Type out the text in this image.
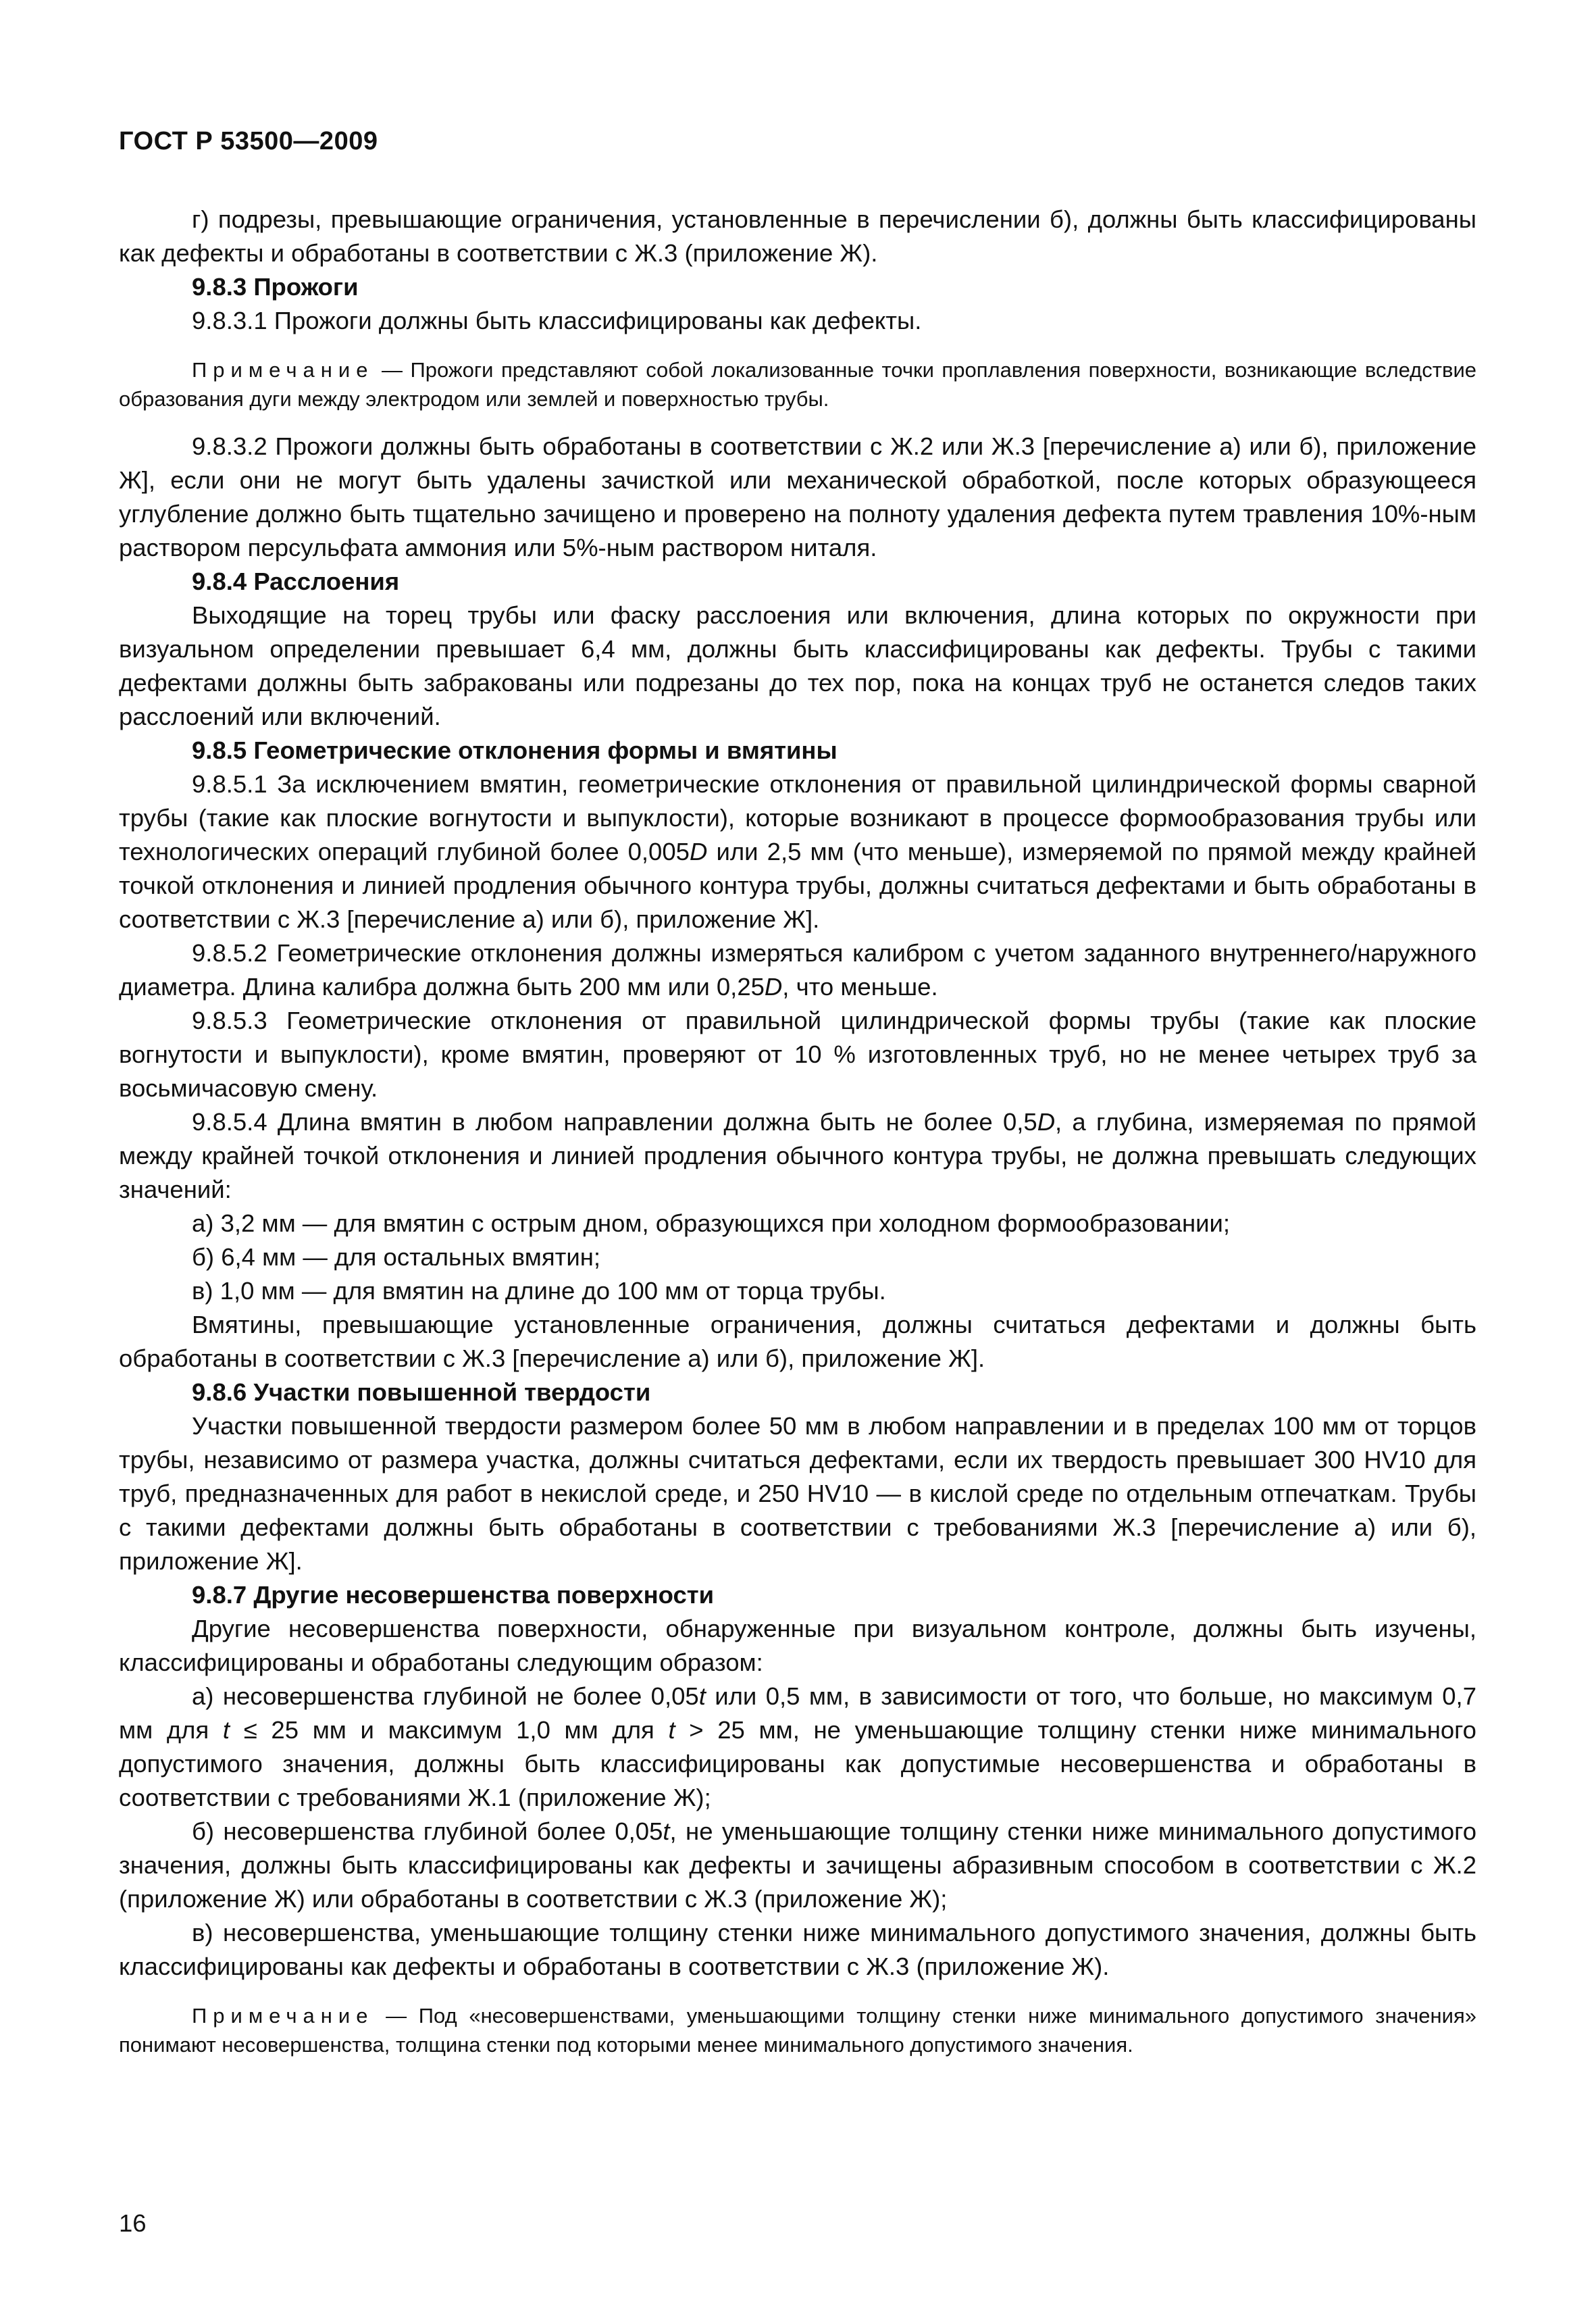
ГОСТ Р 53500—2009

г) подрезы, превышающие ограничения, установленные в перечислении б), должны быть классифицированы как дефекты и обработаны в соответствии с Ж.3 (приложение Ж).

9.8.3 Прожоги

9.8.3.1 Прожоги должны быть классифицированы как дефекты.

Примечание — Прожоги представляют собой локализованные точки проплавления поверхности, возникающие вследствие образования дуги между электродом или землей и поверхностью трубы.

9.8.3.2 Прожоги должны быть обработаны в соответствии с Ж.2 или Ж.3 [перечисление а) или б), приложение Ж], если они не могут быть удалены зачисткой или механической обработкой, после которых образующееся углубление должно быть тщательно зачищено и проверено на полноту удаления дефекта путем травления 10%-ным раствором персульфата аммония или 5%-ным раствором ниталя.

9.8.4 Расслоения

Выходящие на торец трубы или фаску расслоения или включения, длина которых по окружности при визуальном определении превышает 6,4 мм, должны быть классифицированы как дефекты. Трубы с такими дефектами должны быть забракованы или подрезаны до тех пор, пока на концах труб не останется следов таких расслоений или включений.

9.8.5 Геометрические отклонения формы и вмятины

9.8.5.1 За исключением вмятин, геометрические отклонения от правильной цилиндрической формы сварной трубы (такие как плоские вогнутости и выпуклости), которые возникают в процессе формообразования трубы или технологических операций глубиной более 0,005D или 2,5 мм (что меньше), измеряемой по прямой между крайней точкой отклонения и линией продления обычного контура трубы, должны считаться дефектами и быть обработаны в соответствии с Ж.3 [перечисление а) или б), приложение Ж].

9.8.5.2 Геометрические отклонения должны измеряться калибром с учетом заданного внутреннего/наружного диаметра. Длина калибра должна быть 200 мм или 0,25D, что меньше.

9.8.5.3 Геометрические отклонения от правильной цилиндрической формы трубы (такие как плоские вогнутости и выпуклости), кроме вмятин, проверяют от 10 % изготовленных труб, но не менее четырех труб за восьмичасовую смену.

9.8.5.4 Длина вмятин в любом направлении должна быть не более 0,5D, а глубина, измеряемая по прямой между крайней точкой отклонения и линией продления обычного контура трубы, не должна превышать следующих значений:

а) 3,2 мм — для вмятин с острым дном, образующихся при холодном формообразовании;

б) 6,4 мм — для остальных вмятин;

в) 1,0 мм — для вмятин на длине до 100 мм от торца трубы.

Вмятины, превышающие установленные ограничения, должны считаться дефектами и должны быть обработаны в соответствии с Ж.3 [перечисление а) или б), приложение Ж].

9.8.6 Участки повышенной твердости

Участки повышенной твердости размером более 50 мм в любом направлении и в пределах 100 мм от торцов трубы, независимо от размера участка, должны считаться дефектами, если их твердость превышает 300 HV10 для труб, предназначенных для работ в некислой среде, и 250 HV10 — в кислой среде по отдельным отпечаткам. Трубы с такими дефектами должны быть обработаны в соответствии с требованиями Ж.3 [перечисление а) или б), приложение Ж].

9.8.7 Другие несовершенства поверхности

Другие несовершенства поверхности, обнаруженные при визуальном контроле, должны быть изучены, классифицированы и обработаны следующим образом:

а) несовершенства глубиной не более 0,05t или 0,5 мм, в зависимости от того, что больше, но максимум 0,7 мм для t ≤ 25 мм и максимум 1,0 мм для t > 25 мм, не уменьшающие толщину стенки ниже минимального допустимого значения, должны быть классифицированы как допустимые несовершенства и обработаны в соответствии с требованиями Ж.1 (приложение Ж);

б) несовершенства глубиной более 0,05t, не уменьшающие толщину стенки ниже минимального допустимого значения, должны быть классифицированы как дефекты и зачищены абразивным способом в соответствии с Ж.2 (приложение Ж) или обработаны в соответствии с Ж.3 (приложение Ж);

в) несовершенства, уменьшающие толщину стенки ниже минимального допустимого значения, должны быть классифицированы как дефекты и обработаны в соответствии с Ж.3 (приложение Ж).

Примечание — Под «несовершенствами, уменьшающими толщину стенки ниже минимального допустимого значения» понимают несовершенства, толщина стенки под которыми менее минимального допустимого значения.

16
